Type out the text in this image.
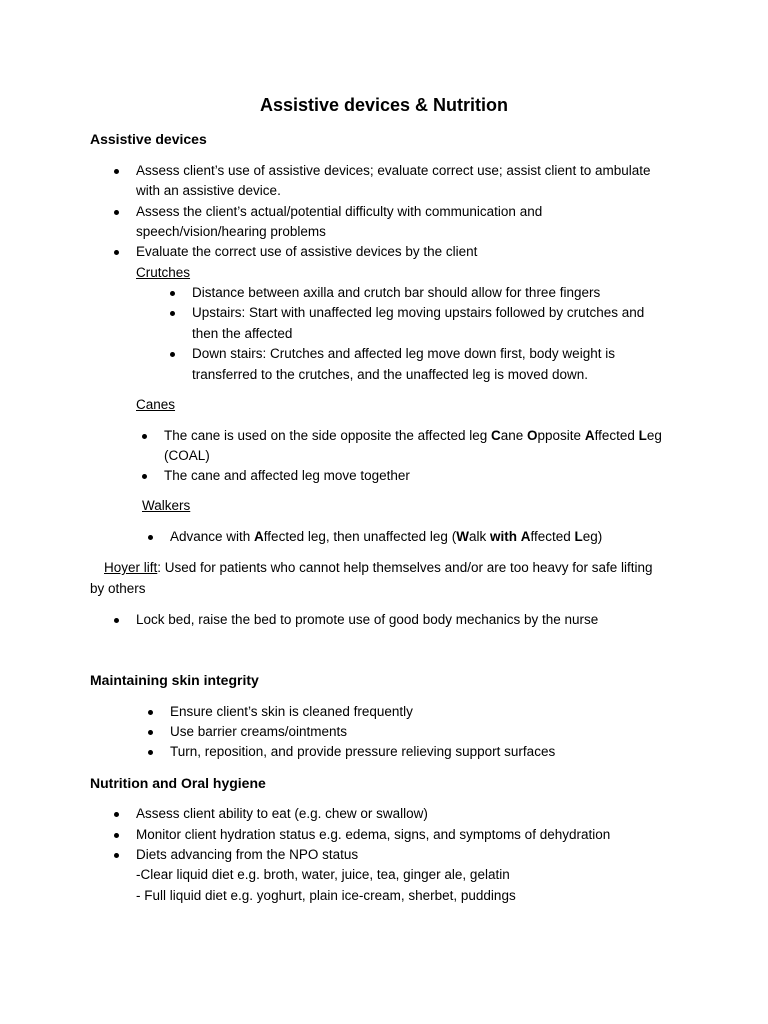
Assistive devices & Nutrition
Assistive devices
Assess client’s use of assistive devices; evaluate correct use; assist client to ambulate
with an assistive device.
Assess the client’s actual/potential difficulty with communication and
speech/vision/hearing problems
Evaluate the correct use of assistive devices by the client
Crutches
Distance between axilla and crutch bar should allow for three fingers
Upstairs: Start with unaffected leg moving upstairs followed by crutches and
then the affected
Down stairs: Crutches and affected leg move down first, body weight is
transferred to the crutches, and the unaffected leg is moved down.
Canes
The cane is used on the side opposite the affected leg Cane Opposite Affected Leg
(COAL)
The cane and affected leg move together
Walkers
Advance with Affected leg, then unaffected leg (Walk with Affected Leg)
Hoyer lift: Used for patients who cannot help themselves and/or are too heavy for safe lifting
by others
Lock bed, raise the bed to promote use of good body mechanics by the nurse
Maintaining skin integrity
Ensure client’s skin is cleaned frequently
Use barrier creams/ointments
Turn, reposition, and provide pressure relieving support surfaces
Nutrition and Oral hygiene
Assess client ability to eat (e.g. chew or swallow)
Monitor client hydration status e.g. edema, signs, and symptoms of dehydration
Diets advancing from the NPO status
-Clear liquid diet e.g. broth, water, juice, tea, ginger ale, gelatin
- Full liquid diet e.g. yoghurt, plain ice-cream, sherbet, puddings
